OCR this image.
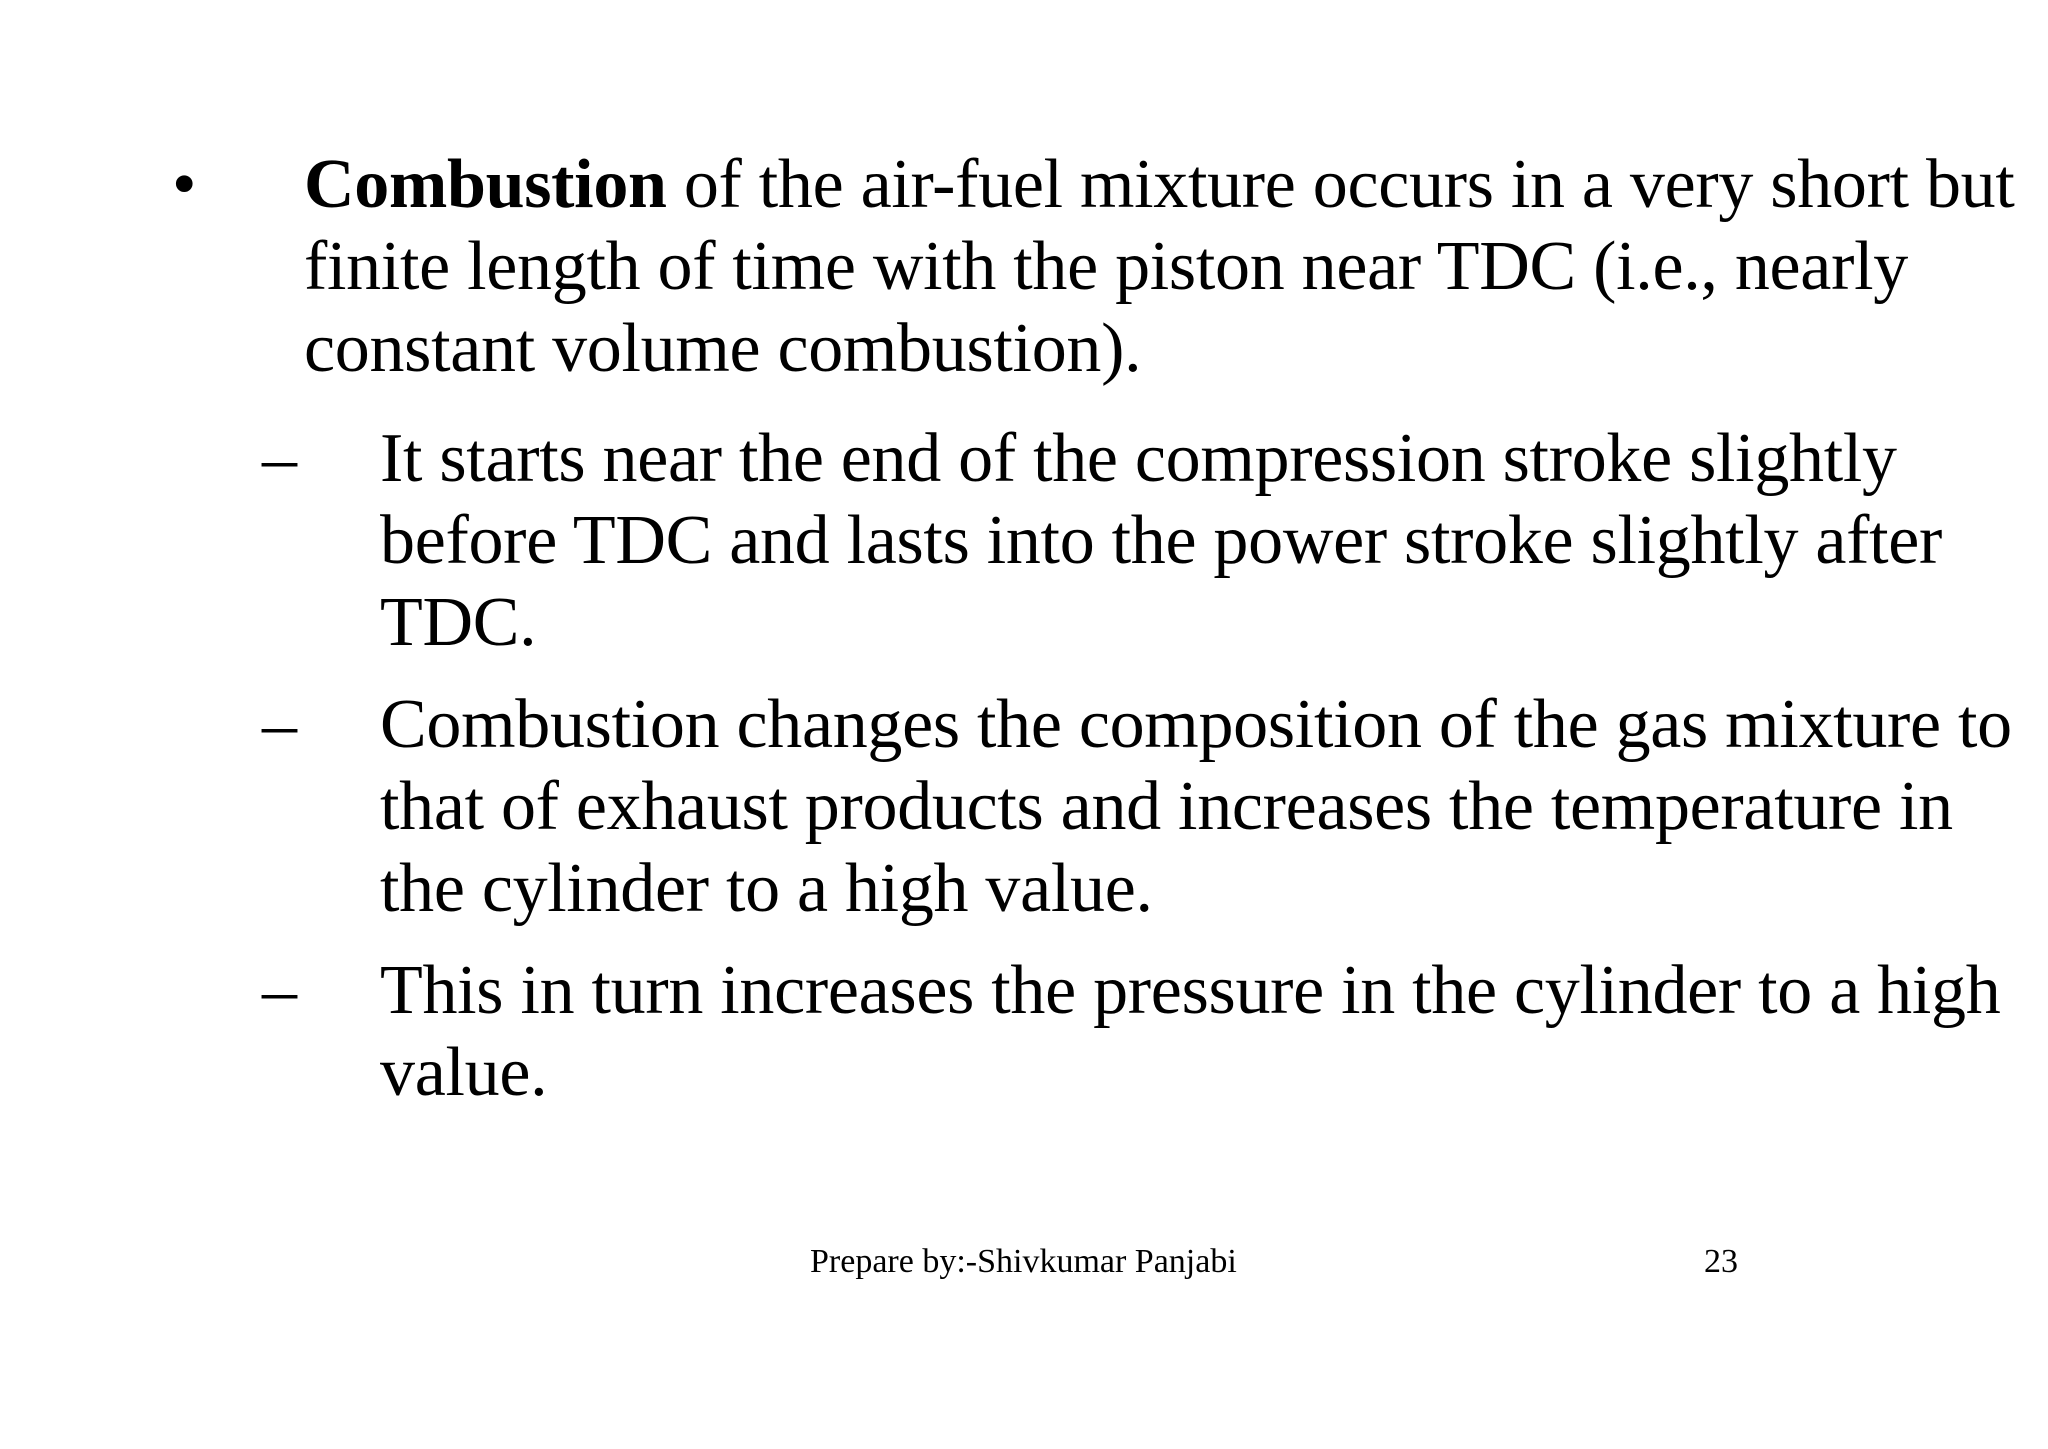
• Combustion of the air-fuel mixture occurs in a very short but finite length of time with the piston near TDC (i.e., nearly constant volume combustion).
– It starts near the end of the compression stroke slightly before TDC and lasts into the power stroke slightly after TDC.
– Combustion changes the composition of the gas mixture to that of exhaust products and increases the temperature in the cylinder to a high value.
– This in turn increases the pressure in the cylinder to a high value.
Prepare by:-Shivkumar Panjabi	23
